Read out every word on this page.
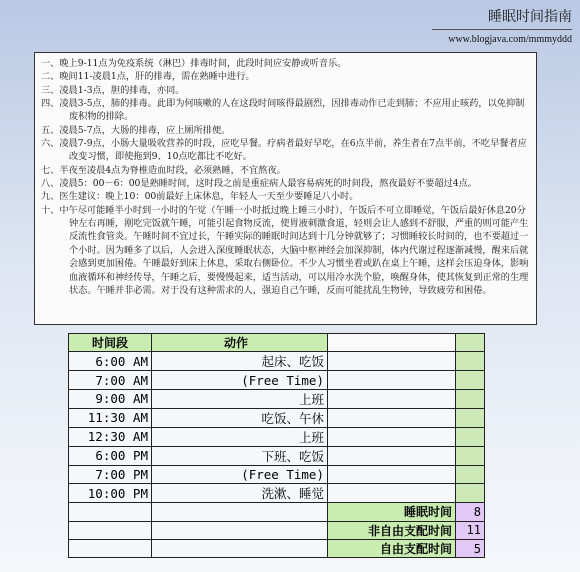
睡眠时间指南
www.blogjava.com/mmmyddd

一、晚上9-11点为免疫系统（淋巴）排毒时间，此段时间应安静或听音乐。

二、晚间11-凌晨1点，肝的排毒，需在熟睡中进行。

三、凌晨1-3点，胆的排毒，亦同。

四、凌晨3-5点，肺的排毒。此即为何咳嗽的人在这段时间咳得最剧烈，因排毒动作已走到肺；不应用止咳药，以免抑制废积物的排除。

五、凌晨5-7点，大肠的排毒，应上厕所排便。

六、凌晨7-9点，小肠大量吸收营养的时段，应吃早餐。疗病者最好早吃，在6点半前，养生者在7点半前，不吃早餐者应改变习惯，即使拖到9、10点吃都比不吃好。

七、半夜至凌晨4点为脊椎造血时段，必须熟睡，不宜熬夜。

八、凌晨5：00－6：00是熟睡时间，这时段之前是重症病人最容易病死的时间段，熬夜最好不要超过4点。

九、医生建议：晚上10：00前最好上床休息，年轻人一天至少要睡足八小时。

十、中午尽可能睡半小时到一小时的午觉（午睡一小时抵过晚上睡三小时），午饭后不可立即睡觉，午饭后最好休息20分钟左右再睡，刚吃完饭就午睡，可能引起食物反流，使胃液刺激食道，轻则会让人感到不舒服，严重的则可能产生反流性食管炎。午睡时间不宜过长，午睡实际的睡眠时间达到十几分钟就够了；习惯睡较长时间的，也不要超过一个小时。因为睡多了以后，人会进入深度睡眠状态，大脑中枢神经会加深抑制，体内代谢过程逐渐减慢，醒来后就会感到更加困倦。午睡最好到床上休息，采取右侧卧位。不少人习惯坐着或趴在桌上午睡，这样会压迫身体，影响血液循环和神经传导，午睡之后，要慢慢起来，适当活动，可以用冷水洗个脸，唤醒身体，使其恢复到正常的生理状态。午睡并非必需。对于没有这种需求的人，强迫自己午睡，反而可能扰乱生物钟，导致疲劳和困倦。

时间段	动作		
6:00 AM	起床、吃饭		
7:00 AM	(Free Time)		
9:00 AM	上班		
11:30 AM	吃饭、午休		
12:30 AM	上班		
6:00 PM	下班、吃饭		
7:00 PM	(Free Time)		
10:00 PM	洗漱、睡觉		
		睡眠时间	8
		非自由支配时间	11
		自由支配时间	5
